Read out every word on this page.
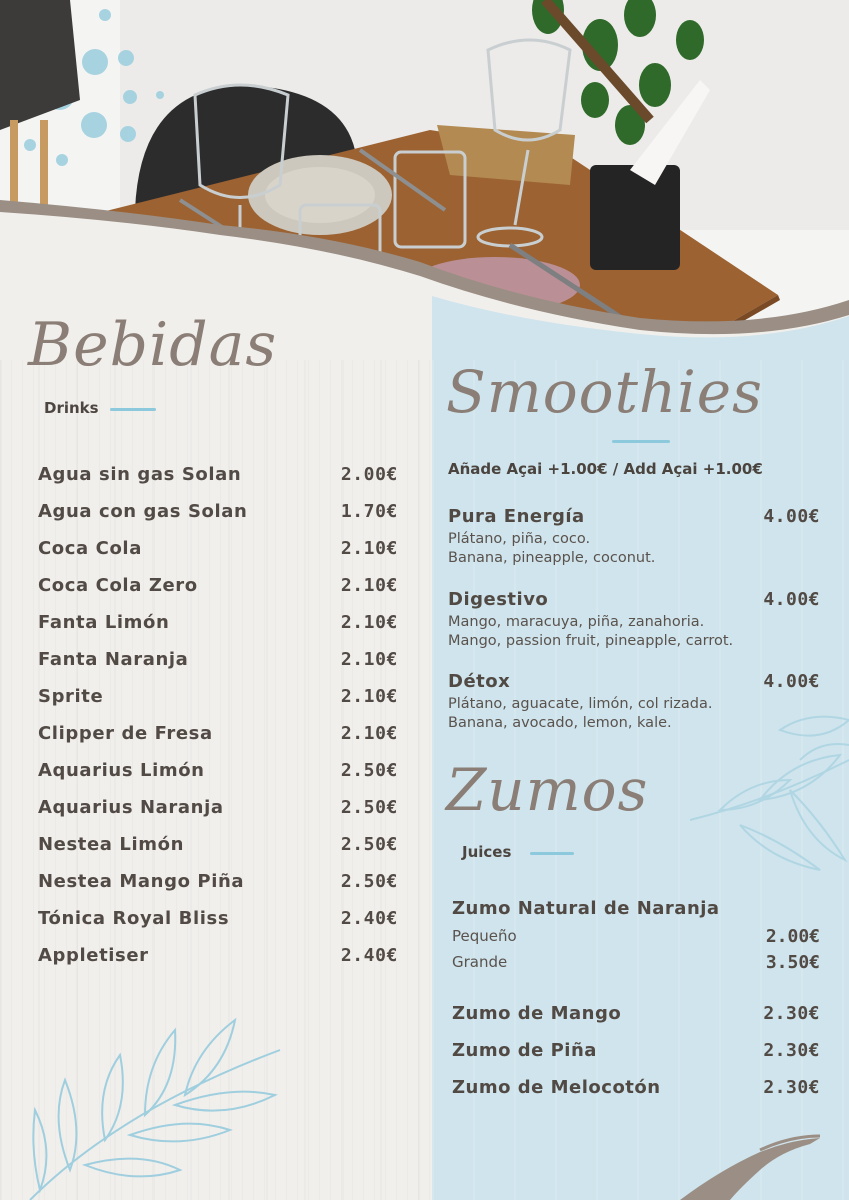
Bebidas
Drinks
Agua sin gas Solan	2.00€
Agua con gas Solan	1.70€
Coca Cola	2.10€
Coca Cola Zero	2.10€
Fanta Limón	2.10€
Fanta Naranja	2.10€
Sprite	2.10€
Clipper de Fresa	2.10€
Aquarius Limón	2.50€
Aquarius Naranja	2.50€
Nestea Limón	2.50€
Nestea Mango Piña	2.50€
Tónica Royal Bliss	2.40€
Appletiser	2.40€
Smoothies
Añade Açai +1.00€ / Add Açai +1.00€
Pura Energía	4.00€
Plátano, piña, coco.
Banana, pineapple, coconut.
Digestivo	4.00€
Mango, maracuya, piña, zanahoria.
Mango, passion fruit, pineapple, carrot.
Détox	4.00€
Plátano, aguacate, limón, col rizada.
Banana, avocado, lemon, kale.
Zumos
Juices
Zumo Natural de Naranja
Pequeño	2.00€
Grande	3.50€
Zumo de Mango	2.30€
Zumo de Piña	2.30€
Zumo de Melocotón	2.30€
